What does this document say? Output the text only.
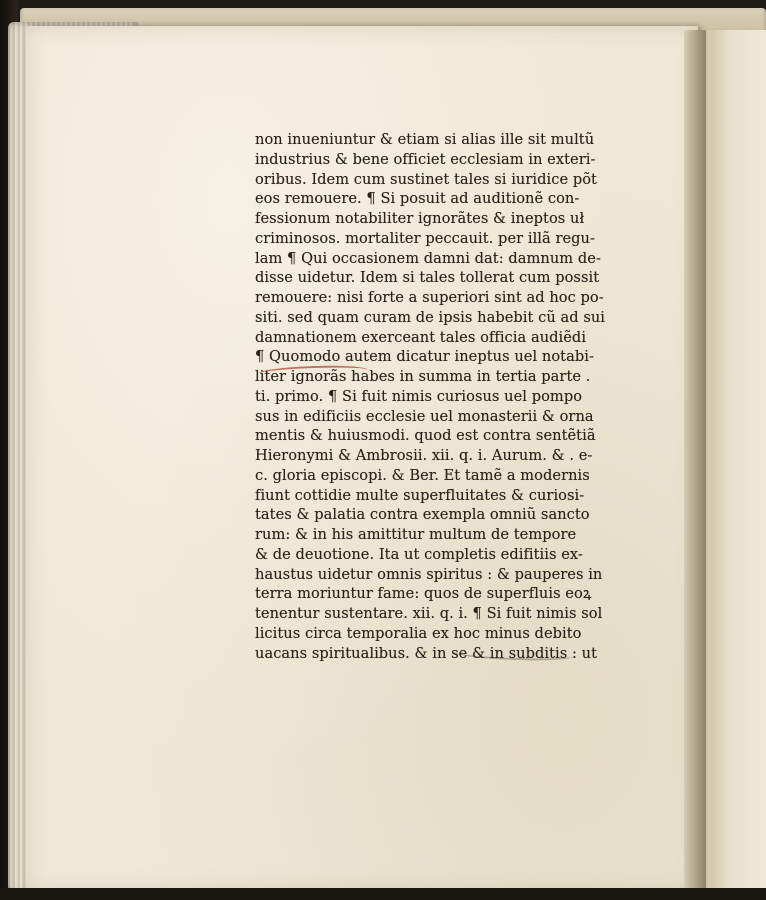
non inueniuntur & etiam si alias ille sit multũ
industrius & bene officiet ecclesiam in exteri-
oribus. Idem cum sustinet tales si iuridice põt
eos remouere. ¶ Si posuit ad auditionẽ con-
fessionum notabiliter ignorãtes & ineptos uł
criminosos. mortaliter peccauit. per illã regu-
lam ¶ Qui occasionem damni dat: damnum de-
disse uidetur. Idem si tales tollerat cum possit
remouere: nisi forte a superiori sint ad hoc po-
siti. sed quam curam de ipsis habebit cũ ad sui
damnationem exerceant tales officia audiẽdi
¶ Quomodo autem dicatur ineptus uel notabi-
liter ignorãs habes in summa in tertia parte .
ti. primo. ¶ Si fuit nimis curiosus uel pompo
sus in edificiis ecclesie uel monasterii & orna
mentis & huiusmodi. quod est contra sentẽtiã
Hieronymi & Ambrosii. xii. q. i. Aurum. & . e-
c. gloria episcopi. & Ber. Et tamẽ a modernis
fiunt cottidie multe superfluitates & curiosi-
tates & palatia contra exempla omniũ sancto
rum: & in his amittitur multum de tempore
& de deuotione. Ita ut completis edifitiis ex-
haustus uidetur omnis spiritus : & pauperes in
terra moriuntur fame: quos de superfluis eoꝝ
tenentur sustentare. xii. q. i. ¶ Si fuit nimis sol
licitus circa temporalia ex hoc minus debito
uacans spiritualibus. & in se & in subditis : ut
